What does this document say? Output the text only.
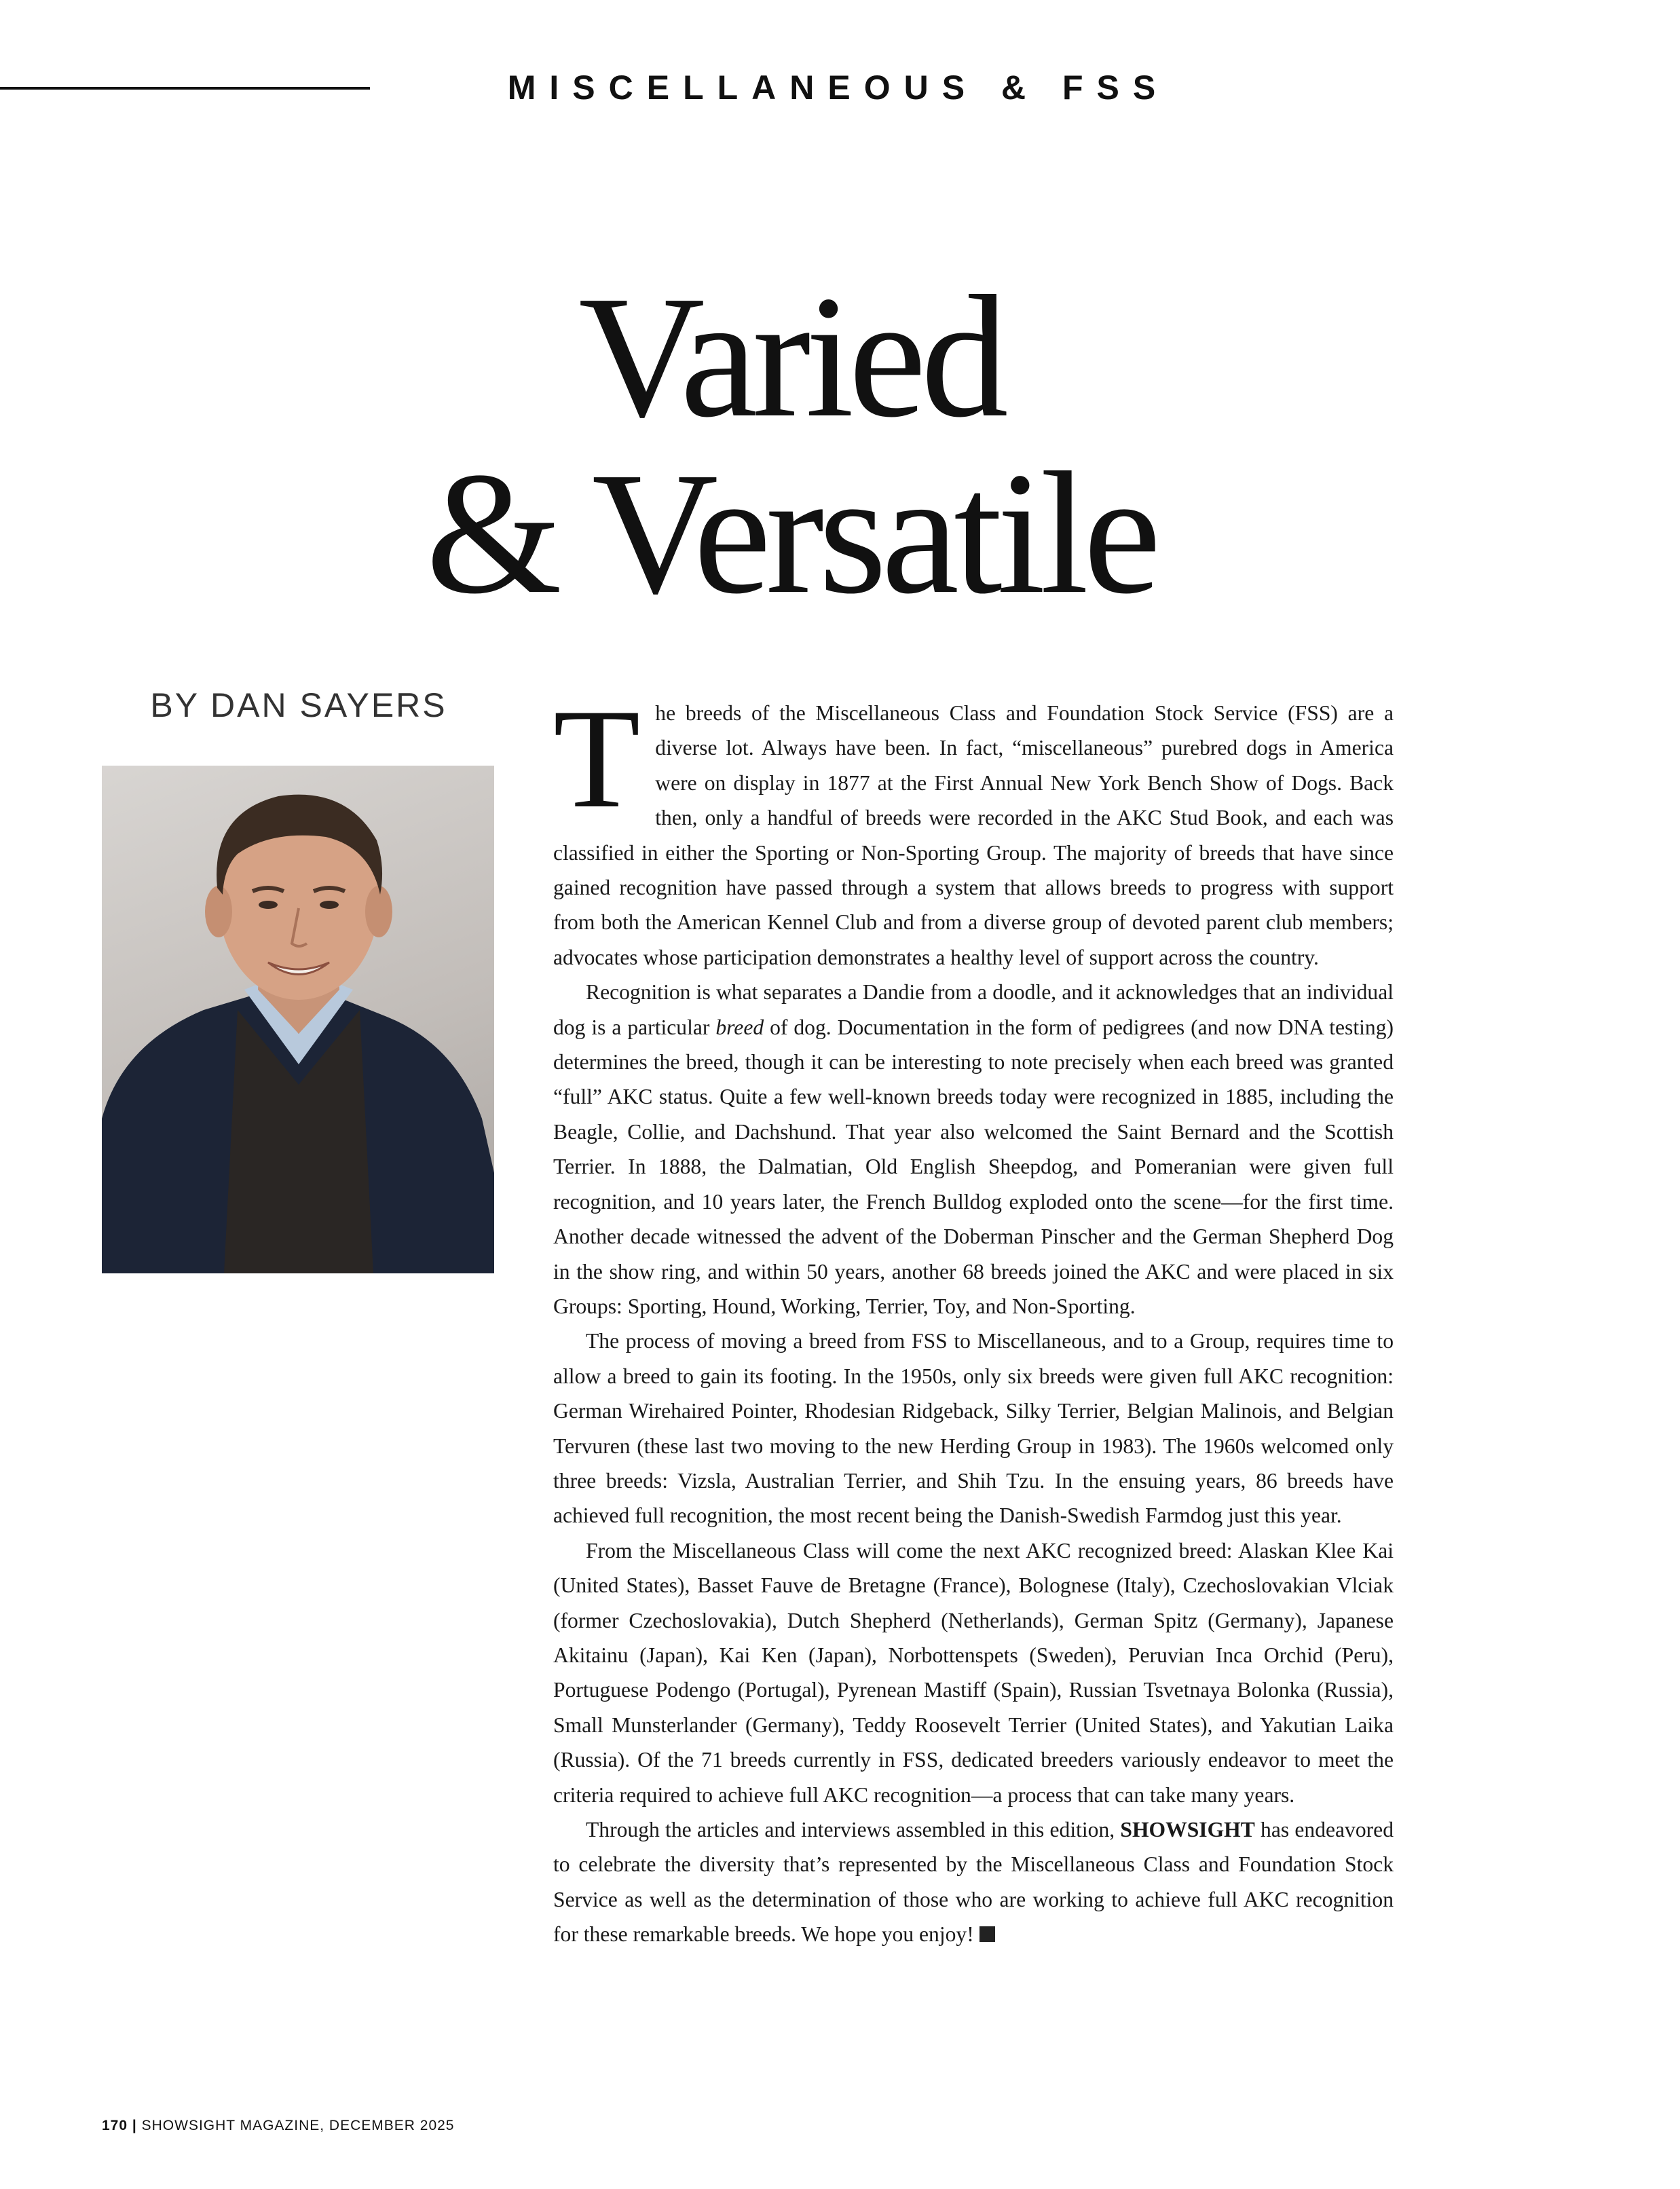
MISCELLANEOUS & FSS
Varied
& Versatile
BY DAN SAYERS The breeds of the Miscellaneous Class and Foundation Stock Service (FSS) are a diverse lot. Always have been. In fact, “miscellaneous” purebred dogs in America were on display in 1877 at the First Annual New York Bench Show of Dogs. Back then, only a handful of breeds were recorded in the AKC Stud Book, and each was classified in either the Sporting or Non-Sporting Group. The majority of breeds that have since gained recognition have passed through a system that allows breeds to progress with support from both the American Kennel Club and from a diverse group of devoted parent club members; advocates whose participation demonstrates a healthy level of support across the country.

Recognition is what separates a Dandie from a doodle, and it acknowledges that an individual dog is a particular breed of dog. Documentation in the form of pedigrees (and now DNA testing) determines the breed, though it can be interesting to note precisely when each breed was granted “full” AKC status. Quite a few well-known breeds today were recognized in 1885, including the Beagle, Collie, and Dachshund. That year also welcomed the Saint Bernard and the Scottish Terrier. In 1888, the Dalmatian, Old English Sheepdog, and Pomeranian were given full recognition, and 10 years later, the French Bulldog exploded onto the scene—for the first time. Another decade witnessed the advent of the Doberman Pinscher and the German Shepherd Dog in the show ring, and within 50 years, another 68 breeds joined the AKC and were placed in six Groups: Sporting, Hound, Working, Terrier, Toy, and Non-Sporting.

The process of moving a breed from FSS to Miscellaneous, and to a Group, requires time to allow a breed to gain its footing. In the 1950s, only six breeds were given full AKC recognition: German Wirehaired Pointer, Rhodesian Ridgeback, Silky Terrier, Belgian Malinois, and Belgian Tervuren (these last two moving to the new Herding Group in 1983). The 1960s welcomed only three breeds: Vizsla, Australian Terrier, and Shih Tzu. In the ensuing years, 86 breeds have achieved full recognition, the most recent being the Danish-Swedish Farmdog just this year.

From the Miscellaneous Class will come the next AKC recognized breed: Alaskan Klee Kai (United States), Basset Fauve de Bretagne (France), Bolognese (Italy), Czechoslovakian Vlciak (former Czechoslovakia), Dutch Shepherd (Netherlands), German Spitz (Germany), Japanese Akitainu (Japan), Kai Ken (Japan), Norbottenspets (Sweden), Peruvian Inca Orchid (Peru), Portuguese Podengo (Portugal), Pyrenean Mastiff (Spain), Russian Tsvetnaya Bolonka (Russia), Small Munsterlander (Germany), Teddy Roosevelt Terrier (United States), and Yakutian Laika (Russia). Of the 71 breeds currently in FSS, dedicated breeders variously endeavor to meet the criteria required to achieve full AKC recognition—a process that can take many years.

Through the articles and interviews assembled in this edition, SHOWSIGHT has endeavored to celebrate the diversity that’s represented by the Miscellaneous Class and Foundation Stock Service as well as the determination of those who are working to achieve full AKC recognition for these remarkable breeds. We hope you enjoy!

170 | SHOWSIGHT MAGAZINE, DECEMBER 2025
